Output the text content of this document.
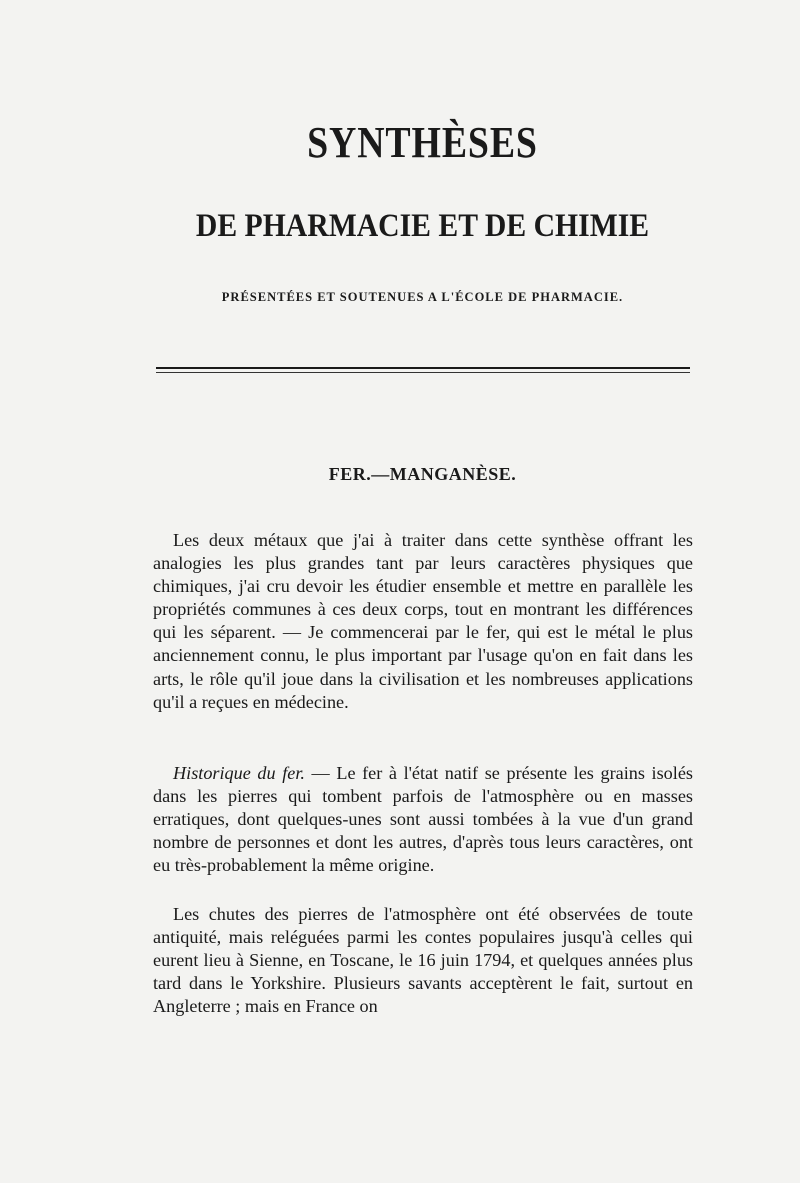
SYNTHÈSES
DE PHARMACIE ET DE CHIMIE

PRÉSENTÉES ET SOUTENUES A L'ÉCOLE DE PHARMACIE.

FER.—MANGANÈSE.

Les deux métaux que j'ai à traiter dans cette synthèse offrant les analogies les plus grandes tant par leurs caractères physiques que chimiques, j'ai cru devoir les étudier ensemble et mettre en parallèle les propriétés communes à ces deux corps, tout en montrant les différences qui les séparent. — Je commencerai par le fer, qui est le métal le plus anciennement connu, le plus important par l'usage qu'on en fait dans les arts, le rôle qu'il joue dans la civilisation et les nombreuses applications qu'il a reçues en médecine.

Historique du fer. — Le fer à l'état natif se présente les grains isolés dans les pierres qui tombent parfois de l'atmosphère ou en masses erratiques, dont quelques-unes sont aussi tombées à la vue d'un grand nombre de personnes et dont les autres, d'après tous leurs caractères, ont eu très-probablement la même origine.

Les chutes des pierres de l'atmosphère ont été observées de toute antiquité, mais reléguées parmi les contes populaires jusqu'à celles qui eurent lieu à Sienne, en Toscane, le 16 juin 1794, et quelques années plus tard dans le Yorkshire. Plusieurs savants acceptèrent le fait, surtout en Angleterre ; mais en France on
